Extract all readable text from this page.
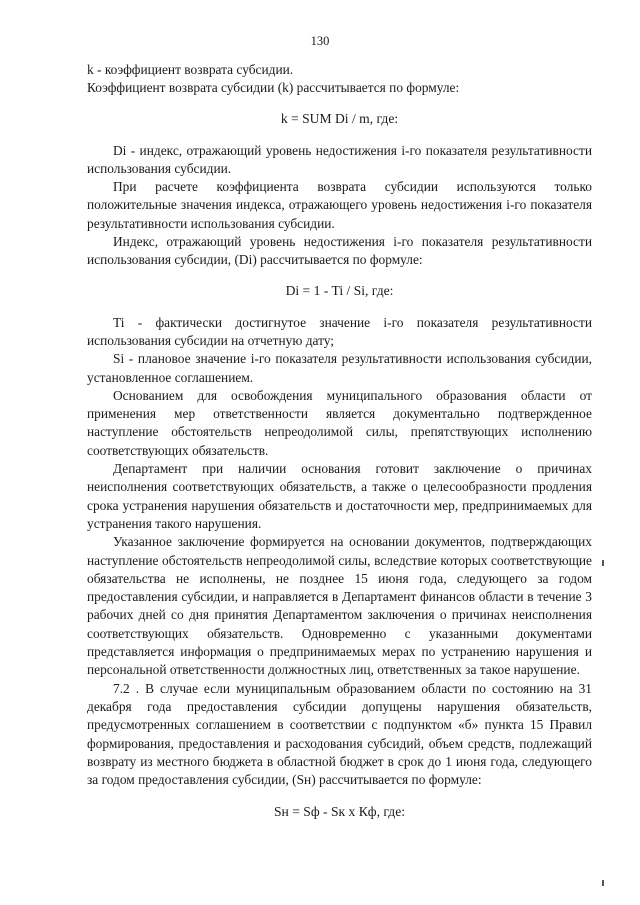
130

k - коэффициент возврата субсидии.

Коэффициент возврата субсидии (k) рассчитывается по формуле:

k = SUM Di / m, где:

Di - индекс, отражающий уровень недостижения i-го показателя результативности использования субсидии.

При расчете коэффициента возврата субсидии используются только положительные значения индекса, отражающего уровень недостижения i-го показателя результативности использования субсидии.

Индекс, отражающий уровень недостижения i-го показателя результативности использования субсидии, (Di) рассчитывается по формуле:

Di = 1 - Ti / Si, где:

Ti - фактически достигнутое значение i-го показателя результативности использования субсидии на отчетную дату;

Si - плановое значение i-го показателя результативности использования субсидии, установленное соглашением.

Основанием для освобождения муниципального образования области от применения мер ответственности является документально подтвержденное наступление обстоятельств непреодолимой силы, препятствующих исполнению соответствующих обязательств.

Департамент при наличии основания готовит заключение о причинах неисполнения соответствующих обязательств, а также о целесообразности продления срока устранения нарушения обязательств и достаточности мер, предпринимаемых для устранения такого нарушения.

Указанное заключение формируется на основании документов, подтверждающих наступление обстоятельств непреодолимой силы, вследствие которых соответствующие обязательства не исполнены, не позднее 15 июня года, следующего за годом предоставления субсидии, и направляется в Департамент финансов области в течение 3 рабочих дней со дня принятия Департаментом заключения о причинах неисполнения соответствующих обязательств. Одновременно с указанными документами представляется информация о предпринимаемых мерах по устранению нарушения и персональной ответственности должностных лиц, ответственных за такое нарушение.

7.2 . В случае если муниципальным образованием области по состоянию на 31 декабря года предоставления субсидии допущены нарушения обязательств, предусмотренных соглашением в соответствии с подпунктом «б» пункта 15 Правил формирования, предоставления и расходования субсидий, объем средств, подлежащий возврату из местного бюджета в областной бюджет в срок до 1 июня года, следующего за годом предоставления субсидии, (Sн) рассчитывается по формуле:

Sн = Sф - Sк x Кф, где:
